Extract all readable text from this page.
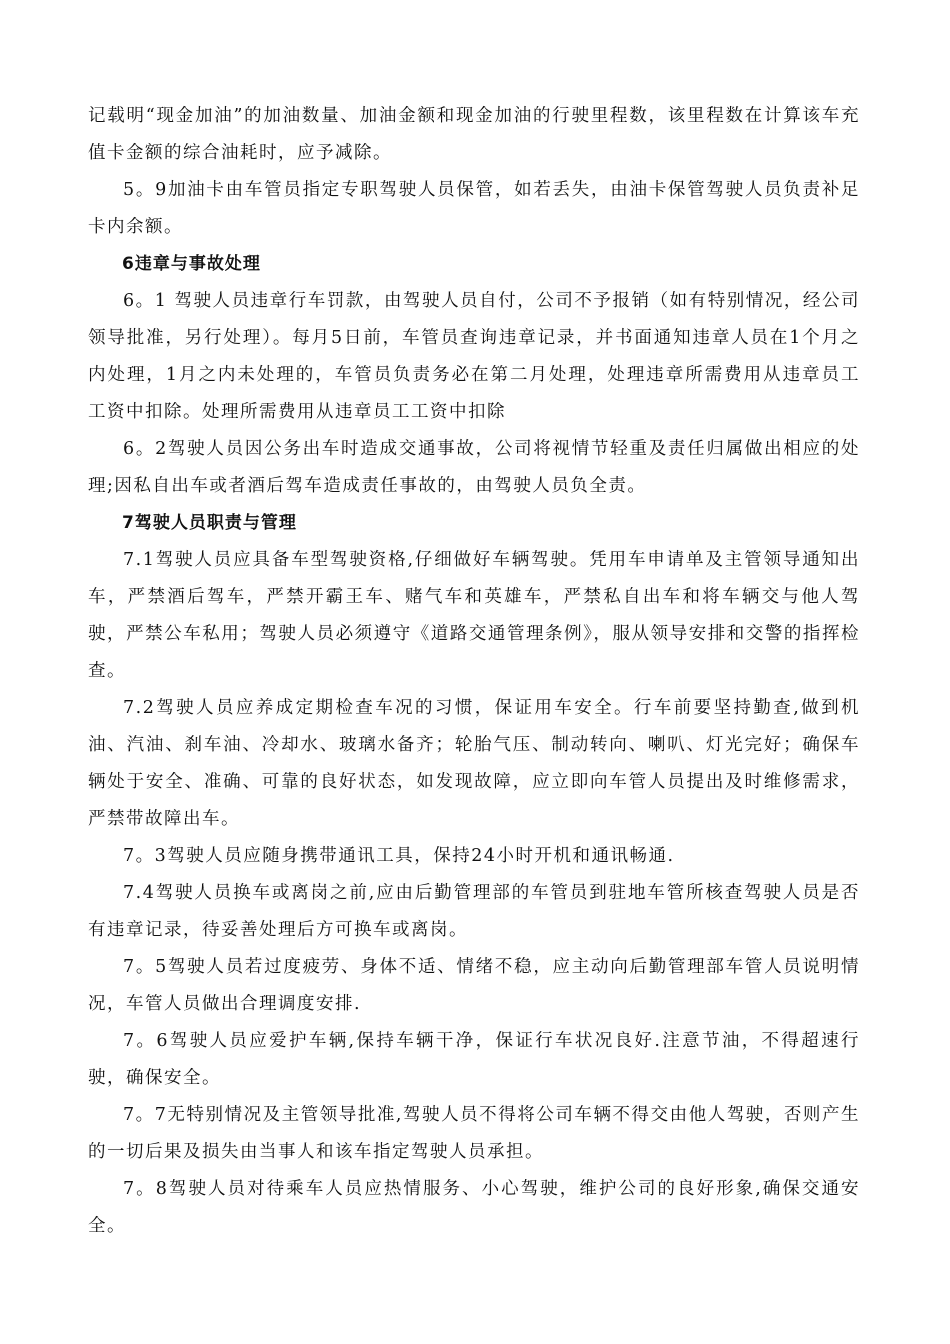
记载明“现金加油”的加油数量、加油金额和现金加油的行驶里程数，该里程数在计算该车充值卡金额的综合油耗时，应予减除。

5。9加油卡由车管员指定专职驾驶人员保管，如若丢失，由油卡保管驾驶人员负责补足卡内余额。

6违章与事故处理

6。1 驾驶人员违章行车罚款，由驾驶人员自付，公司不予报销（如有特别情况，经公司领导批准，另行处理）。每月5日前，车管员查询违章记录，并书面通知违章人员在1个月之内处理，1月之内未处理的，车管员负责务必在第二月处理，处理违章所需费用从违章员工工资中扣除。处理所需费用从违章员工工资中扣除

6。2驾驶人员因公务出车时造成交通事故，公司将视情节轻重及责任归属做出相应的处理;因私自出车或者酒后驾车造成责任事故的，由驾驶人员负全责。

7驾驶人员职责与管理

7.1驾驶人员应具备车型驾驶资格,仔细做好车辆驾驶。凭用车申请单及主管领导通知出车，严禁酒后驾车，严禁开霸王车、赌气车和英雄车，严禁私自出车和将车辆交与他人驾驶，严禁公车私用；驾驶人员必须遵守《道路交通管理条例》，服从领导安排和交警的指挥检查。

7.2驾驶人员应养成定期检查车况的习惯，保证用车安全。行车前要坚持勤查,做到机油、汽油、刹车油、冷却水、玻璃水备齐；轮胎气压、制动转向、喇叭、灯光完好；确保车辆处于安全、准确、可靠的良好状态，如发现故障，应立即向车管人员提出及时维修需求，严禁带故障出车。

7。3驾驶人员应随身携带通讯工具，保持24小时开机和通讯畅通.

7.4驾驶人员换车或离岗之前,应由后勤管理部的车管员到驻地车管所核查驾驶人员是否有违章记录，待妥善处理后方可换车或离岗。

7。5驾驶人员若过度疲劳、身体不适、情绪不稳，应主动向后勤管理部车管人员说明情况，车管人员做出合理调度安排.

7。6驾驶人员应爱护车辆,保持车辆干净，保证行车状况良好.注意节油，不得超速行驶，确保安全。

7。7无特别情况及主管领导批准,驾驶人员不得将公司车辆不得交由他人驾驶，否则产生的一切后果及损失由当事人和该车指定驾驶人员承担。

7。8驾驶人员对待乘车人员应热情服务、小心驾驶，维护公司的良好形象,确保交通安全。
